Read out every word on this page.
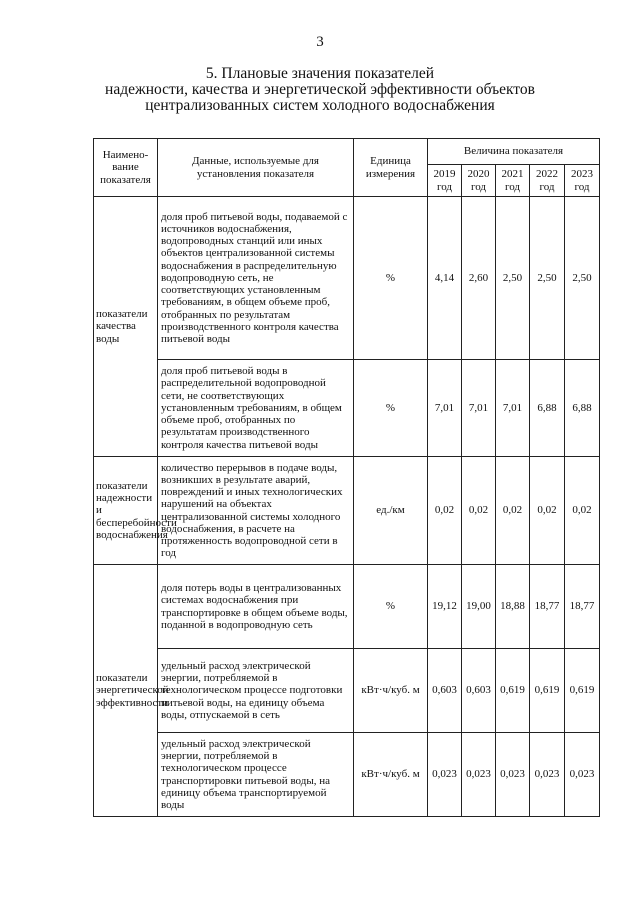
3
5. Плановые значения показателей
надежности, качества и энергетической эффективности объектов
централизованных систем холодного водоснабжения
Наимено-вание показателя	Данные, используемые для установления показателя	Единица измерения	Величина показателя				
			2019 год	2020 год	2021 год	2022 год	2023 год
показатели качества воды	доля проб питьевой воды, подаваемой с источников водоснабжения, водопроводных станций или иных объектов централизованной системы водоснабжения в распределительную водопроводную сеть, не соответствующих установленным требованиям, в общем объеме проб, отобранных по результатам производственного контроля качества питьевой воды	%	4,14	2,60	2,50	2,50	2,50
	доля проб питьевой воды в распределительной водопроводной сети, не соответствующих установленным требованиям, в общем объеме проб, отобранных по результатам производственного контроля качества питьевой воды	%	7,01	7,01	7,01	6,88	6,88
показатели надежности и бесперебойности водоснабжения	количество перерывов в подаче воды, возникших в результате аварий, повреждений и иных технологических нарушений на объектах централизованной системы холодного водоснабжения, в расчете на протяженность водопроводной сети в год	ед./км	0,02	0,02	0,02	0,02	0,02
показатели энергетической эффективности	доля потерь воды в централизованных системах водоснабжения при транспортировке в общем объеме воды, поданной в водопроводную сеть	%	19,12	19,00	18,88	18,77	18,77
	удельный расход электрической энергии, потребляемой в технологическом процессе подготовки питьевой воды, на единицу объема воды, отпускаемой в сеть	кВт·ч/куб. м	0,603	0,603	0,619	0,619	0,619
	удельный расход электрической энергии, потребляемой в технологическом процессе транспортировки питьевой воды, на единицу объема транспортируемой воды	кВт·ч/куб. м	0,023	0,023	0,023	0,023	0,023
